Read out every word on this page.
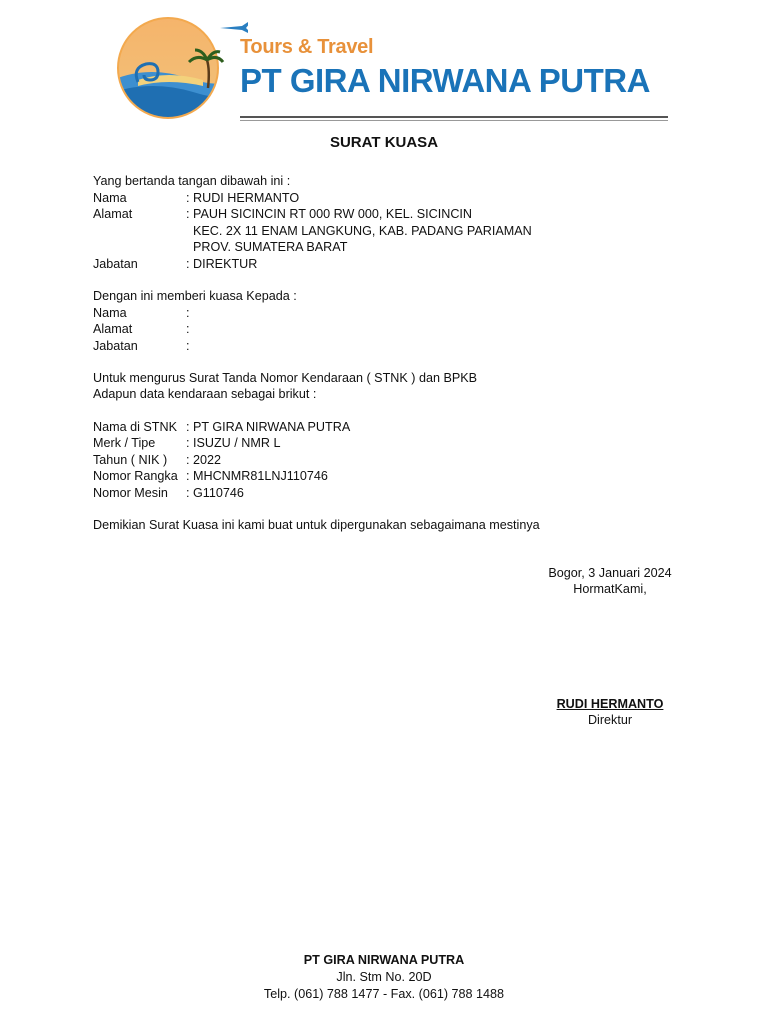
Tours & Travel
PT GIRA NIRWANA PUTRA
SURAT KUASA
Yang bertanda tangan dibawah ini :
Nama	: RUDI HERMANTO
Alamat	: PAUH SICINCIN RT 000 RW 000, KEL. SICINCIN
KEC. 2X 11 ENAM LANGKUNG, KAB. PADANG PARIAMAN
PROV. SUMATERA BARAT
Jabatan	: DIREKTUR
Dengan ini memberi kuasa Kepada :
Nama	:
Alamat	:
Jabatan	:
Untuk mengurus Surat Tanda Nomor Kendaraan ( STNK ) dan BPKB
Adapun data kendaraan sebagai brikut :
Nama di STNK : PT GIRA NIRWANA PUTRA
Merk / Tipe : ISUZU / NMR L
Tahun ( NIK ) : 2022
Nomor Rangka : MHCNMR81LNJ110746
Nomor Mesin : G110746
Demikian Surat Kuasa ini kami buat untuk dipergunakan sebagaimana mestinya
Bogor, 3 Januari 2024
HormatKami,
RUDI HERMANTO
Direktur
PT GIRA NIRWANA PUTRA
Jln. Stm No. 20D
Telp. (061) 788 1477 - Fax. (061) 788 1488
